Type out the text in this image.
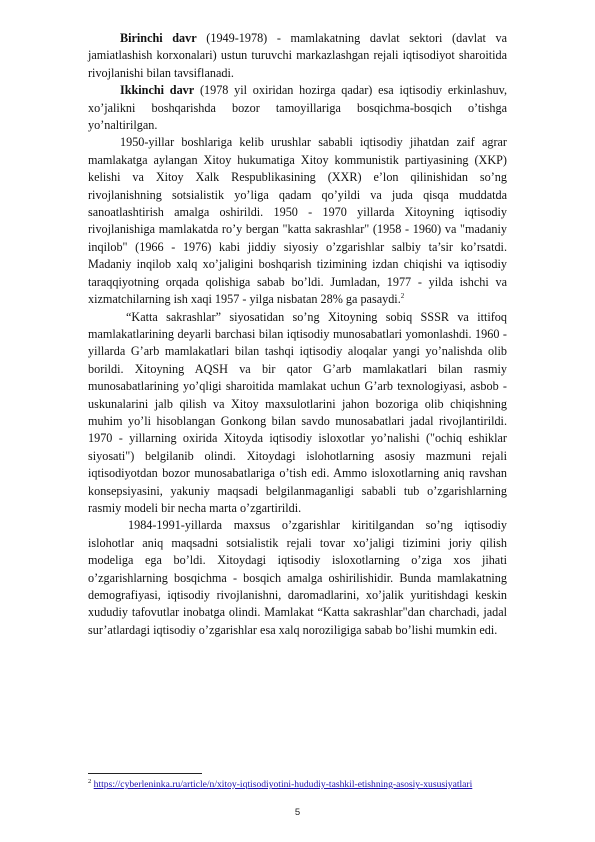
Birinchi davr (1949-1978) - mamlakatning davlat sektori (davlat va jamiatlashish korxonalari) ustun turuvchi markazlashgan rejali iqtisodiyot sharoitida rivojlanishi bilan tavsiflanadi.

Ikkinchi davr (1978 yil oxiridan hozirga qadar) esa iqtisodiy erkinlashuv, xo’jalikni boshqarishda bozor tamoyillariga bosqichma-bosqich o’tishga yo’naltirilgan.

1950-yillar boshlariga kelib urushlar sababli iqtisodiy jihatdan zaif agrar mamlakatga aylangan Xitoy hukumatiga Xitoy kommunistik partiyasining (XKP) kelishi va Xitoy Xalk Respublikasining (XXR) e’lon qilinishidan so’ng rivojlanishning sotsialistik yo’liga qadam qo’yildi va juda qisqa muddatda sanoatlashtirish amalga oshirildi. 1950 - 1970 yillarda Xitoyning iqtisodiy rivojlanishiga mamlakatda ro’y bergan "katta sakrashlar" (1958 - 1960) va "madaniy inqilob" (1966 - 1976) kabi jiddiy siyosiy o’zgarishlar salbiy ta’sir ko’rsatdi. Madaniy inqilob xalq xo’jaligini boshqarish tizimining izdan chiqishi va iqtisodiy taraqqiyotning orqada qolishiga sabab bo’ldi. Jumladan, 1977 - yilda ishchi va xizmatchilarning ish xaqi 1957 - yilga nisbatan 28% ga pasaydi.$^2$

“Katta sakrashlar” siyosatidan so’ng Xitoyning sobiq SSSR va ittifoq mamlakatlarining deyarli barchasi bilan iqtisodiy munosabatlari yomonlashdi. 1960 - yillarda G’arb mamlakatlari bilan tashqi iqtisodiy aloqalar yangi yo’nalishda olib borildi. Xitoyning AQSH va bir qator G’arb mamlakatlari bilan rasmiy munosabatlarining yo’qligi sharoitida mamlakat uchun G’arb texnologiyasi, asbob -uskunalarini jalb qilish va Xitoy maxsulotlarini jahon bozoriga olib chiqishning muhim yo’li hisoblangan Gonkong bilan savdo munosabatlari jadal rivojlantirildi. 1970 - yillarning oxirida Xitoyda iqtisodiy isloxotlar yo’nalishi ("ochiq eshiklar siyosati") belgilanib olindi. Xitoydagi islohotlarning asosiy mazmuni rejali iqtisodiyotdan bozor munosabatlariga o’tish edi. Ammo isloxotlarning aniq ravshan konsepsiyasini, yakuniy maqsadi belgilanmaganligi sababli tub o’zgarishlarning rasmiy modeli bir necha marta o’zgartirildi.

1984-1991-yillarda maxsus o’zgarishlar kiritilgandan so’ng iqtisodiy islohotlar aniq maqsadni sotsialistik rejali tovar xo’jaligi tizimini joriy qilish modeliga ega bo’ldi. Xitoydagi iqtisodiy isloxotlarning o’ziga xos jihati o’zgarishlarning bosqichma - bosqich amalga oshirilishidir. Bunda mamlakatning demografiyasi, iqtisodiy rivojlanishni, daromadlarini, xo’jalik yuritishdagi keskin xududiy tafovutlar inobatga olindi. Mamlakat “Katta sakrashlar"dan charchadi, jadal sur’atlardagi iqtisodiy o’zgarishlar esa xalq noroziligiga sabab bo’lishi mumkin edi.

$^2$ https://cyberleninka.ru/article/n/xitoy-iqtisodiyotini-hududiy-tashkil-etishning-asosiy-xususiyatlari
5
